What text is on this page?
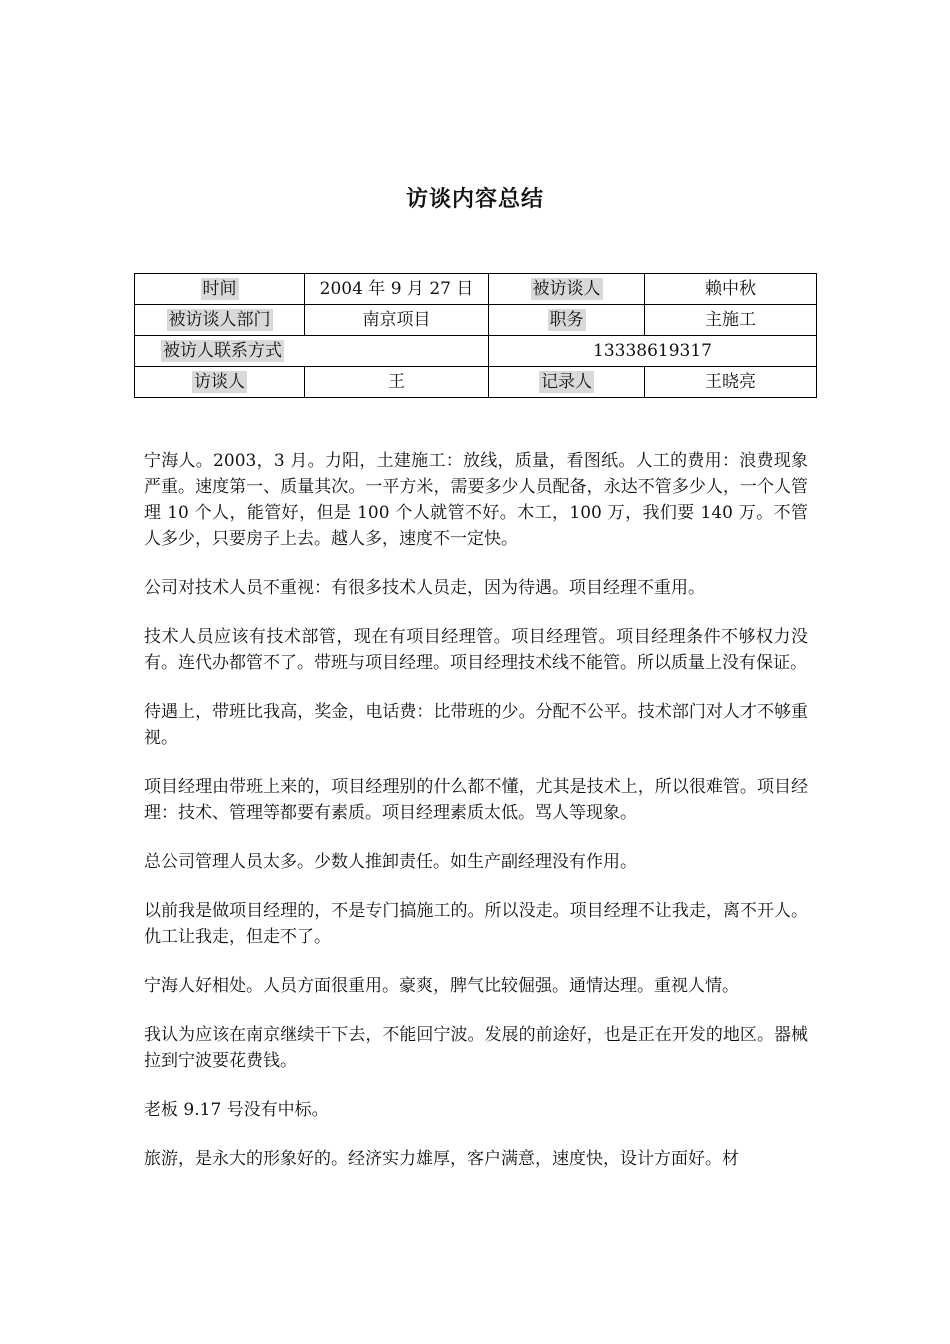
访谈内容总结
时间	2004 年 9 月 27 日	被访谈人	赖中秋
被访谈人部门	南京项目	职务	主施工
被访人联系方式		13338619317	
访谈人	王	记录人	王晓亮

宁海人。2003，3 月。力阳，土建施工：放线，质量，看图纸。人工的费用：浪费现象严重。速度第一、质量其次。一平方米，需要多少人员配备，永达不管多少人，一个人管理 10 个人，能管好，但是 100 个人就管不好。木工，100 万，我们要 140 万。不管人多少，只要房子上去。越人多，速度不一定快。

公司对技术人员不重视：有很多技术人员走，因为待遇。项目经理不重用。

技术人员应该有技术部管，现在有项目经理管。项目经理管。项目经理条件不够权力没有。连代办都管不了。带班与项目经理。项目经理技术线不能管。所以质量上没有保证。

待遇上，带班比我高，奖金，电话费：比带班的少。分配不公平。技术部门对人才不够重视。

项目经理由带班上来的，项目经理别的什么都不懂，尤其是技术上，所以很难管。项目经理：技术、管理等都要有素质。项目经理素质太低。骂人等现象。

总公司管理人员太多。少数人推卸责任。如生产副经理没有作用。

以前我是做项目经理的，不是专门搞施工的。所以没走。项目经理不让我走，离不开人。仇工让我走，但走不了。

宁海人好相处。人员方面很重用。豪爽，脾气比较倔强。通情达理。重视人情。

我认为应该在南京继续干下去，不能回宁波。发展的前途好，也是正在开发的地区。器械拉到宁波要花费钱。

老板 9.17 号没有中标。

旅游，是永大的形象好的。经济实力雄厚，客户满意，速度快，设计方面好。材
